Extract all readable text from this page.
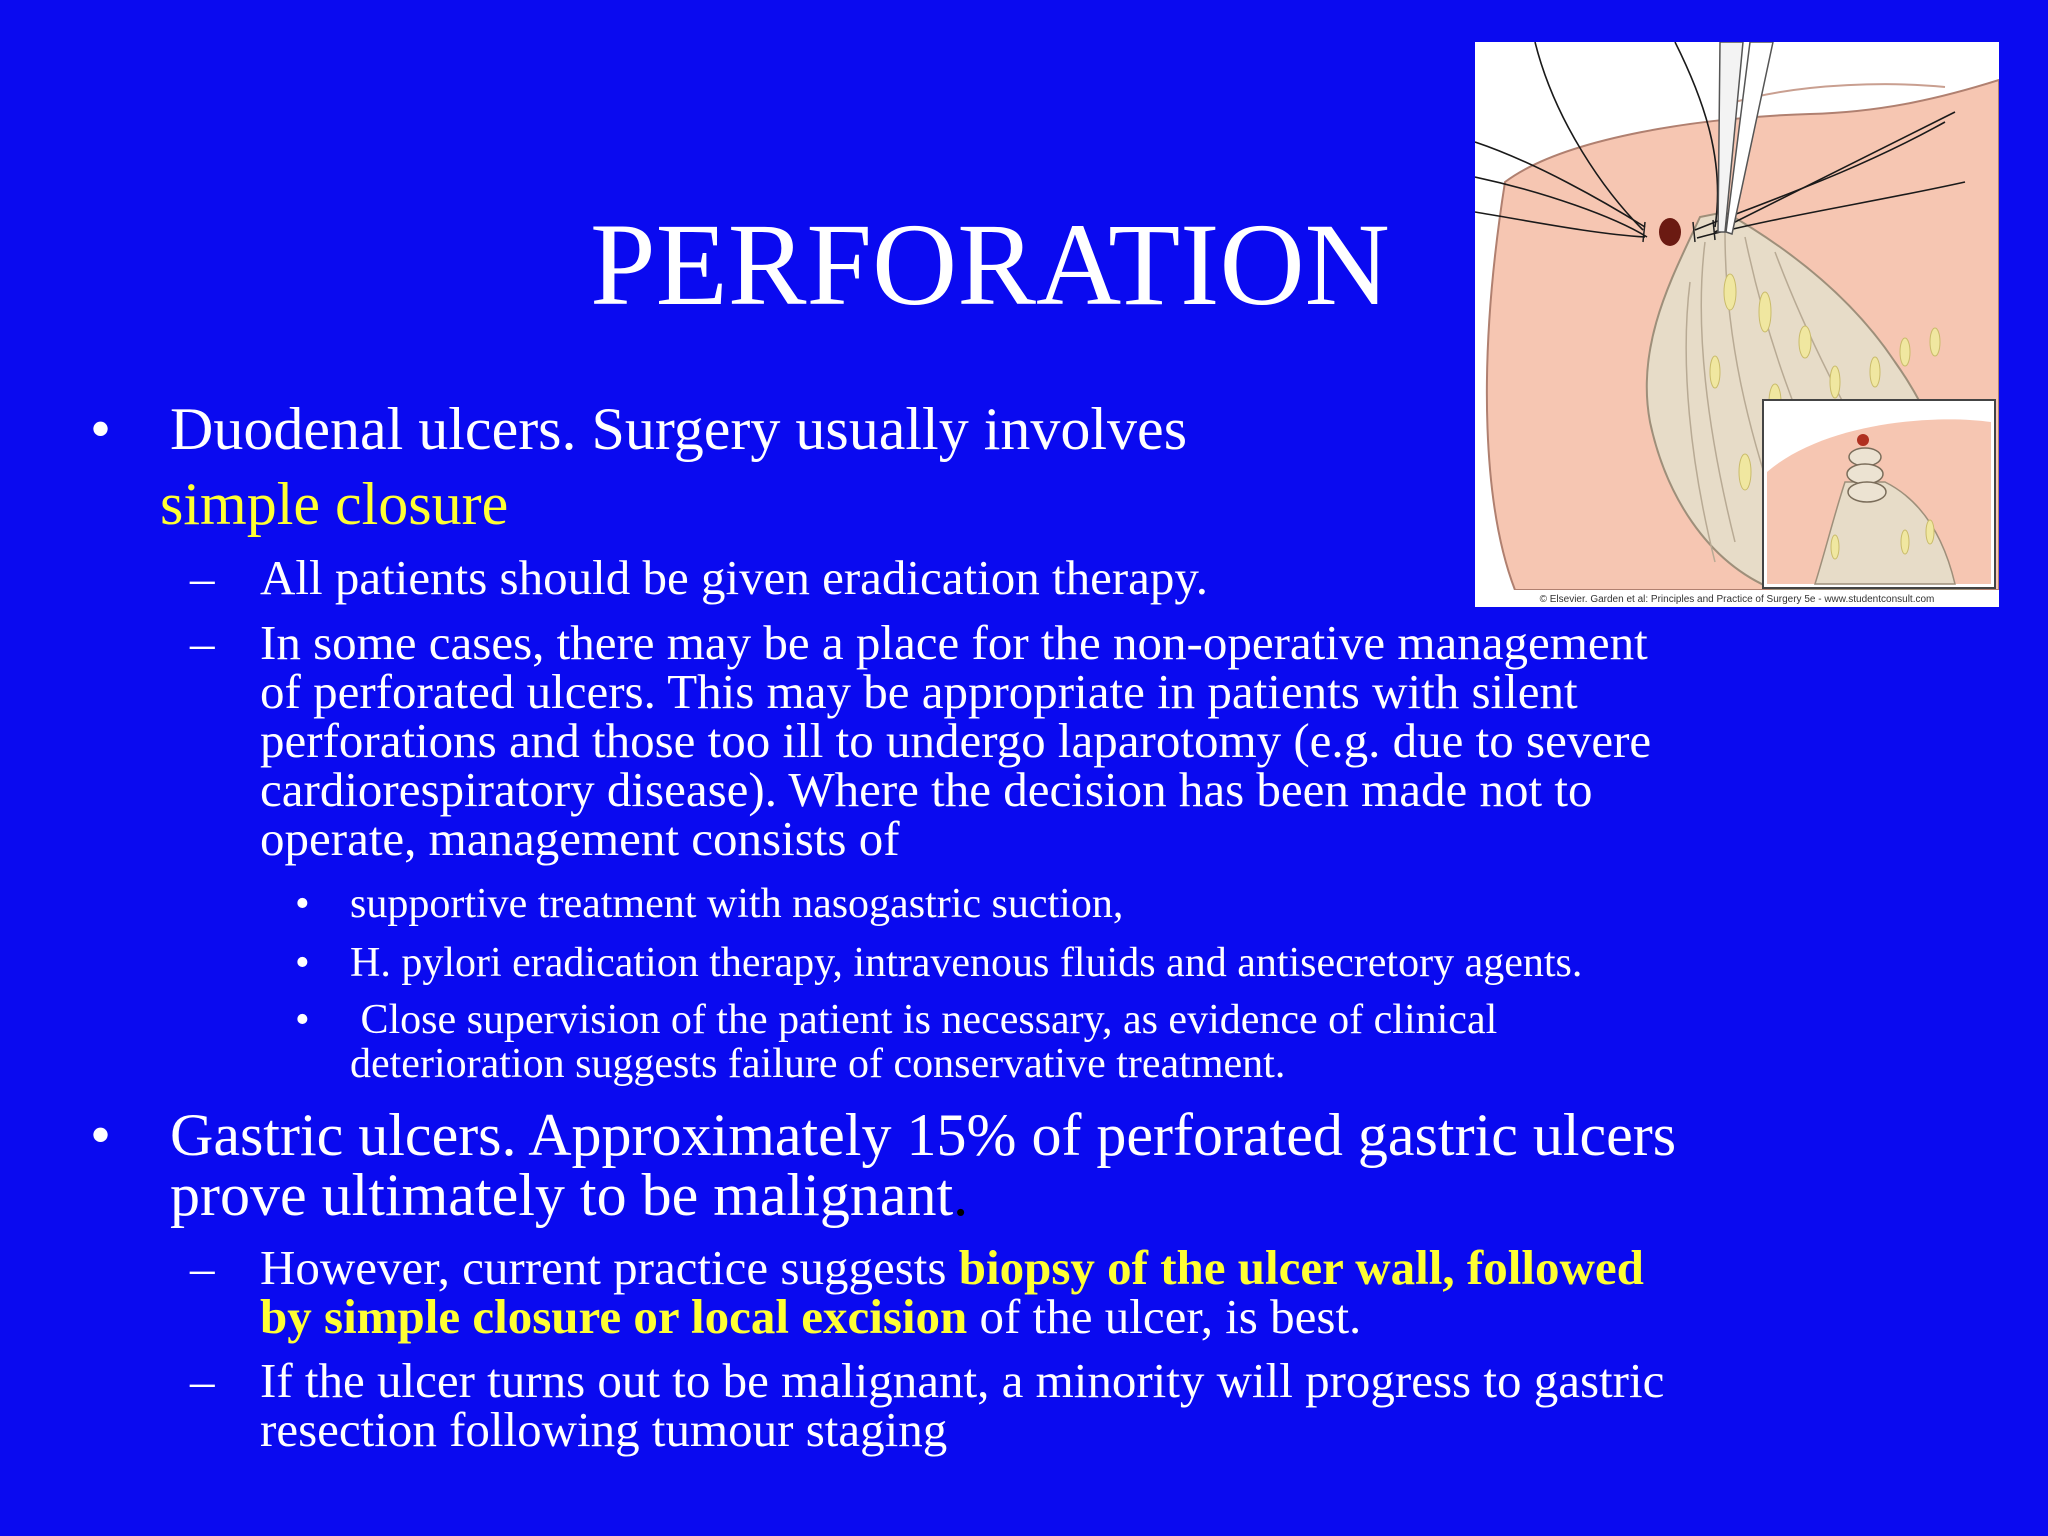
PERFORATION
© Elsevier. Garden et al: Principles and Practice of Surgery 5e - www.studentconsult.com
• Duodenal ulcers. Surgery usually involves
simple closure
– All patients should be given eradication therapy.
– In some cases, there may be a place for the non-operative management
of perforated ulcers. This may be appropriate in patients with silent
perforations and those too ill to undergo laparotomy (e.g. due to severe
cardiorespiratory disease). Where the decision has been made not to
operate, management consists of
• supportive treatment with nasogastric suction,
• H. pylori eradication therapy, intravenous fluids and antisecretory agents.
• Close supervision of the patient is necessary, as evidence of clinical
deterioration suggests failure of conservative treatment.
• Gastric ulcers. Approximately 15% of perforated gastric ulcers
prove ultimately to be malignant.
– However, current practice suggests biopsy of the ulcer wall, followed
by simple closure or local excision of the ulcer, is best.
– If the ulcer turns out to be malignant, a minority will progress to gastric
resection following tumour staging
